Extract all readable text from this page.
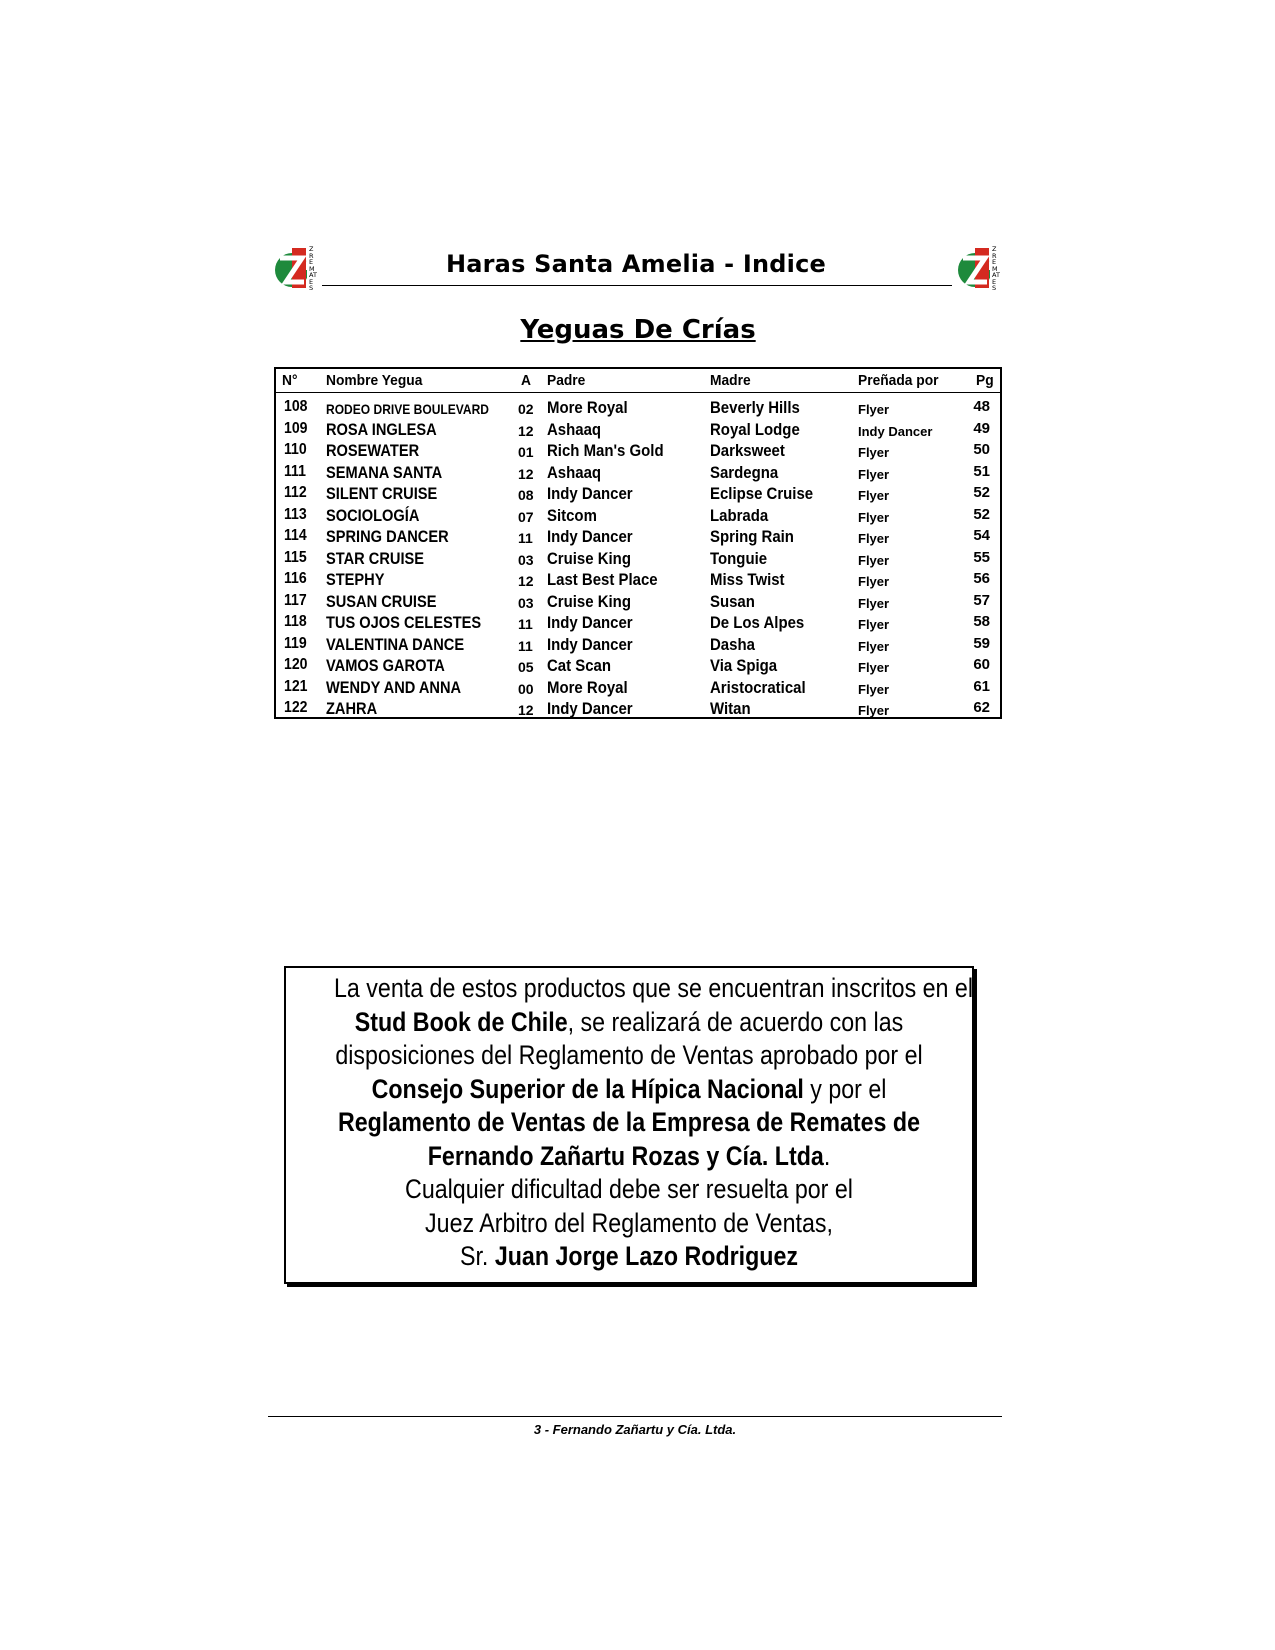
ZREMATES
ZREMATES
Haras Santa Amelia - Indice
Yeguas De Crías
N° Nombre Yegua	A Padre	Madre	Preñada por Pg
108 RODEO DRIVE BOULEVARD 02 More Royal	Beverly Hills	Flyer	48
109 ROSA INGLESA	12 Ashaaq	Royal Lodge	Indy Dancer	49
110 ROSEWATER	01 Rich Man's Gold	Darksweet	Flyer	50
111 SEMANA SANTA	12 Ashaaq	Sardegna	Flyer	51
112 SILENT CRUISE	08 Indy Dancer	Eclipse Cruise	Flyer	52
113 SOCIOLOGÍA	07 Sitcom	Labrada	Flyer	52
114 SPRING DANCER	11 Indy Dancer	Spring Rain	Flyer	54
115 STAR CRUISE	03 Cruise King	Tonguie	Flyer	55
116 STEPHY	12 Last Best Place	Miss Twist	Flyer	56
117 SUSAN CRUISE	03 Cruise King	Susan	Flyer	57
118 TUS OJOS CELESTES	11 Indy Dancer	De Los Alpes	Flyer	58
119 VALENTINA DANCE	11 Indy Dancer	Dasha	Flyer	59
120 VAMOS GAROTA	05 Cat Scan	Via Spiga	Flyer	60
121 WENDY AND ANNA	00 More Royal	Aristocratical	Flyer	61
122 ZAHRA	12 Indy Dancer	Witan	Flyer	62
La venta de estos productos que se encuentran inscritos en el
Stud Book de Chile, se realizará de acuerdo con las
disposiciones del Reglamento de Ventas aprobado por el
Consejo Superior de la Hípica Nacional y por el
Reglamento de Ventas de la Empresa de Remates de
Fernando Zañartu Rozas y Cía. Ltda.
Cualquier dificultad debe ser resuelta por el
Juez Arbitro del Reglamento de Ventas,
Sr. Juan Jorge Lazo Rodriguez
3 - Fernando Zañartu y Cía. Ltda.
